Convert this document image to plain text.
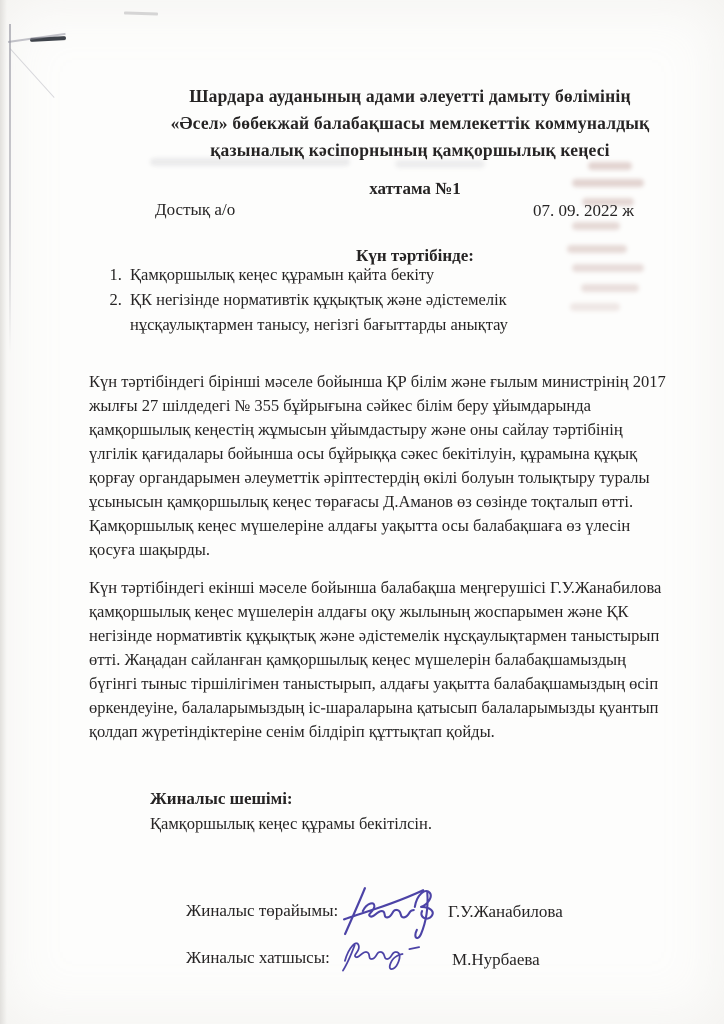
Шардара ауданының адами әлеуетті дамыту бөлімінің
«Әсел» бөбекжай балабақшасы мемлекеттік коммуналдық
қазыналық кәсіпорнының қамқоршылық кеңесі
хаттама №1
Достық а/о	07. 09. 2022 ж
Күн тәртібінде:
1. Қамқоршылық кеңес құрамын қайта бекіту
2. ҚК негізінде нормативтік құқықтық және әдістемелік нұсқаулықтармен танысу, негізгі бағыттарды анықтау
Күн тәртібіндегі бірінші мәселе бойынша ҚР білім және ғылым министрінің 2017 жылғы 27 шілдедегі № 355 бұйрығына сәйкес білім беру ұйымдарында қамқоршылық кеңестің жұмысын ұйымдастыру және оны сайлау тәртібінің үлгілік қағидалары бойынша осы бұйрыққа сәкес бекітілуін, құрамына құқық қорғау органдарымен әлеуметтік әріптестердің өкілі болуын толықтыру туралы ұсынысын қамқоршылық кеңес төрағасы Д.Аманов өз сөзінде тоқталып өтті. Қамқоршылық кеңес мүшелеріне алдағы уақытта осы балабақшаға өз үлесін қосуға шақырды.
Күн тәртібіндегі екінші мәселе бойынша балабақша меңгерушісі Г.У.Жанабилова қамқоршылық кеңес мүшелерін алдағы оқу жылының жоспарымен және ҚК негізінде нормативтік құқықтық және әдістемелік нұсқаулықтармен таныстырып өтті. Жаңадан сайланған қамқоршылық кеңес мүшелерін балабақшамыздың бүгінгі тыныс тіршілігімен таныстырып, алдағы уақытта балабақшамыздың өсіп өркендеуіне, балаларымыздың іс-шараларына қатысып балаларымызды қуантып қолдап жүретіндіктеріне сенім білдіріп құттықтап қойды.
Жиналыс шешімі:
Қамқоршылық кеңес құрамы бекітілсін.
Жиналыс төрайымы:	Г.У.Жанабилова
Жиналыс хатшысы:	М.Нурбаева
